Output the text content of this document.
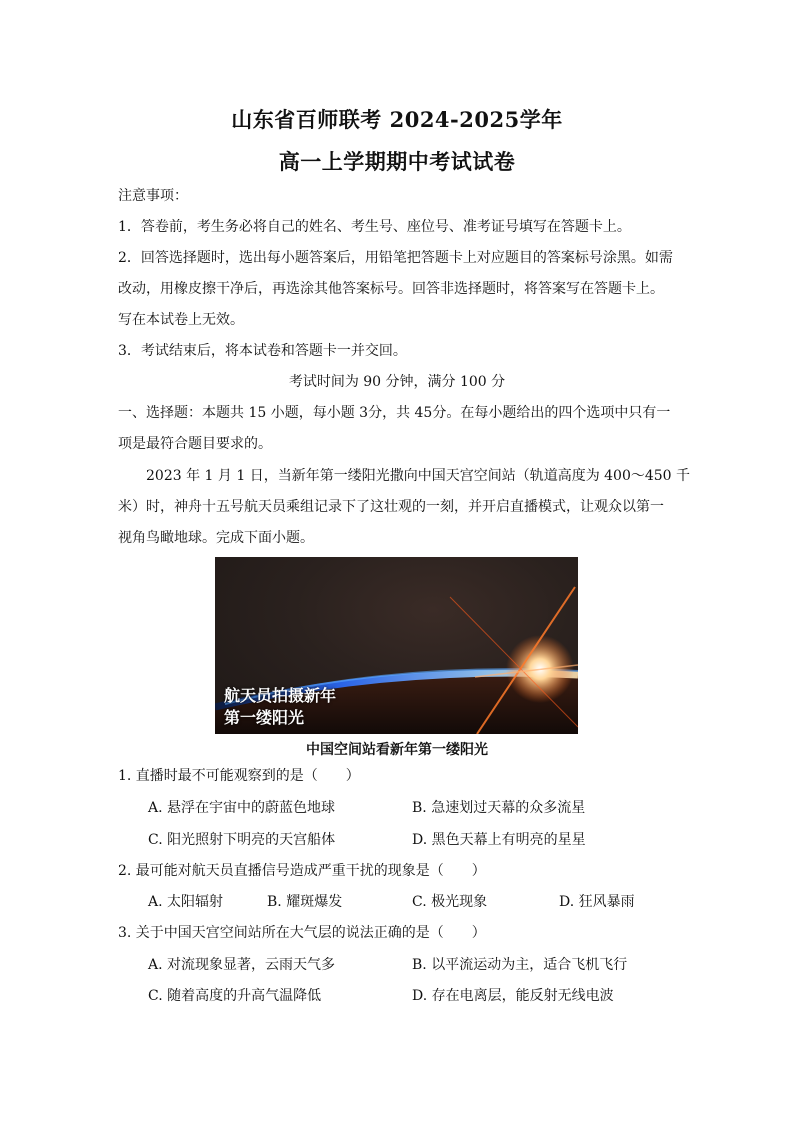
山东省百师联考 2024-2025学年
高一上学期期中考试试卷
注意事项：
1．答卷前，考生务必将自己的姓名、考生号、座位号、准考证号填写在答题卡上。
2．回答选择题时，选出每小题答案后，用铅笔把答题卡上对应题目的答案标号涂黑。如需
改动，用橡皮擦干净后，再选涂其他答案标号。回答非选择题时，将答案写在答题卡上。
写在本试卷上无效。
3．考试结束后，将本试卷和答题卡一并交回。
考试时间为 90 分钟，满分 100 分
一、选择题：本题共 15 小题，每小题 3分，共 45分。在每小题给出的四个选项中只有一
项是最符合题目要求的。
2023 年 1 月 1 日，当新年第一缕阳光撒向中国天宫空间站（轨道高度为 400～450 千
米）时，神舟十五号航天员乘组记录下了这壮观的一刻，并开启直播模式，让观众以第一
视角鸟瞰地球。完成下面小题。
航天员拍摄新年
第一缕阳光
中国空间站看新年第一缕阳光
1. 直播时最不可能观察到的是（　　）
A. 悬浮在宇宙中的蔚蓝色地球	B. 急速划过天幕的众多流星
C. 阳光照射下明亮的天宫船体	D. 黑色天幕上有明亮的星星
2. 最可能对航天员直播信号造成严重干扰的现象是（　　）
A. 太阳辐射	B. 耀斑爆发	C. 极光现象	D. 狂风暴雨
3. 关于中国天宫空间站所在大气层的说法正确的是（　　）
A. 对流现象显著，云雨天气多	B. 以平流运动为主，适合飞机飞行
C. 随着高度的升高气温降低	D. 存在电离层，能反射无线电波
